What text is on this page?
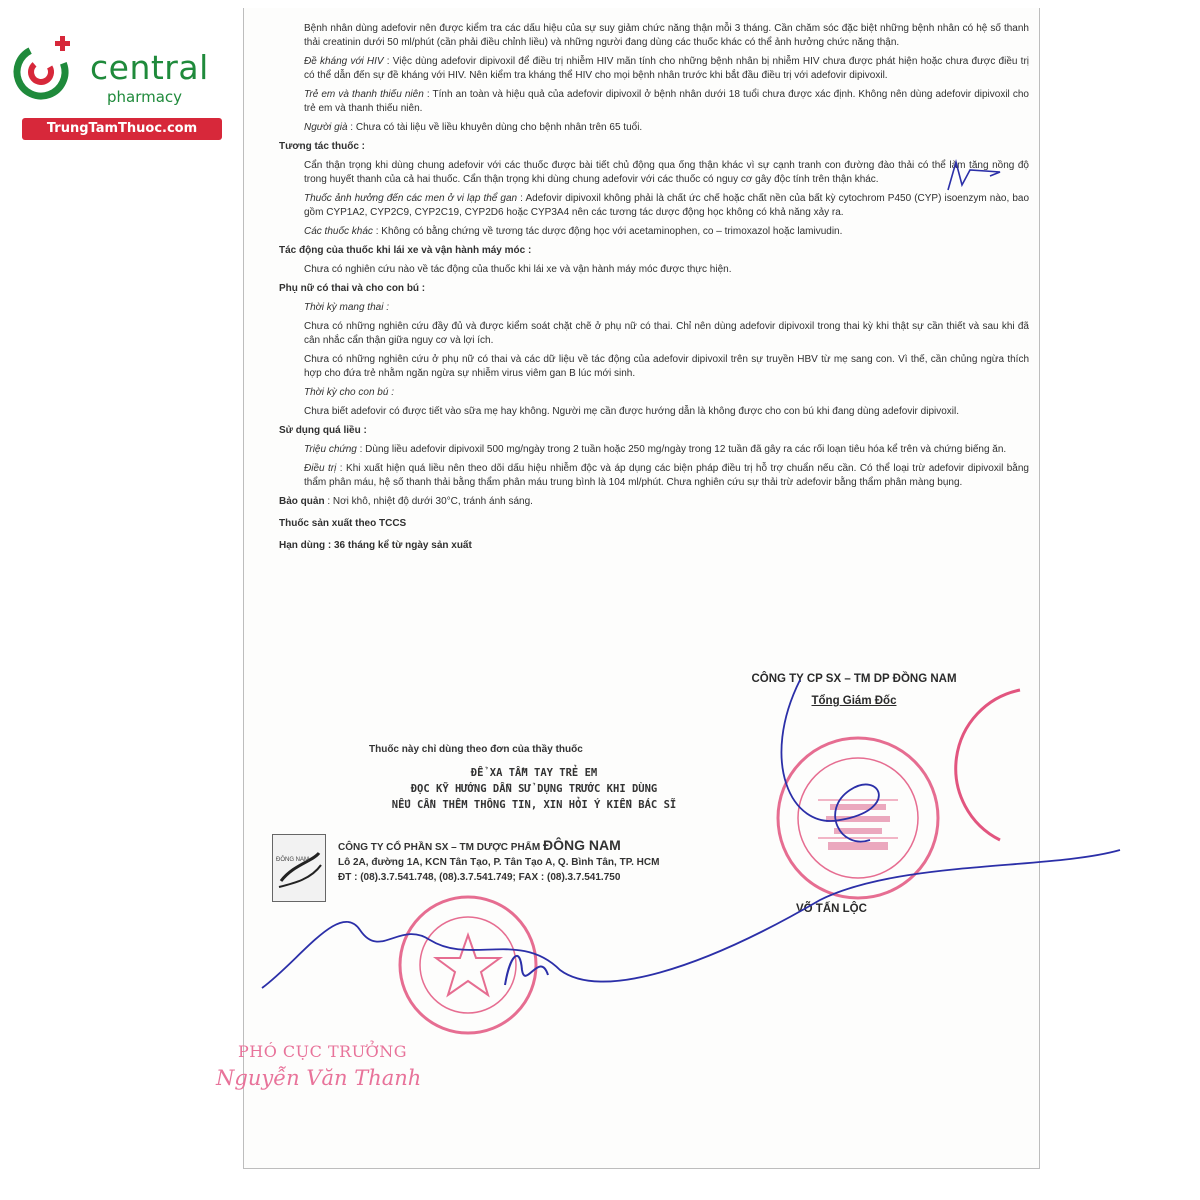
central
pharmacy
TrungTamThuoc.com

Bệnh nhân dùng adefovir nên được kiểm tra các dấu hiệu của sự suy giảm chức năng thận mỗi 3 tháng. Cần chăm sóc đặc biệt những bệnh nhân có hệ số thanh thải creatinin dưới 50 ml/phút (cần phải điều chỉnh liều) và những người đang dùng các thuốc khác có thể ảnh hưởng chức năng thận.

Đề kháng với HIV : Việc dùng adefovir dipivoxil để điều trị nhiễm HIV mãn tính cho những bệnh nhân bị nhiễm HIV chưa được phát hiện hoặc chưa được điều trị có thể dẫn đến sự đề kháng với HIV. Nên kiểm tra kháng thể HIV cho mọi bệnh nhân trước khi bắt đầu điều trị với adefovir dipivoxil.

Trẻ em và thanh thiếu niên : Tính an toàn và hiệu quả của adefovir dipivoxil ở bệnh nhân dưới 18 tuổi chưa được xác định. Không nên dùng adefovir dipivoxil cho trẻ em và thanh thiếu niên.

Người già : Chưa có tài liệu về liều khuyên dùng cho bệnh nhân trên 65 tuổi.

Tương tác thuốc :

Cẩn thận trọng khi dùng chung adefovir với các thuốc được bài tiết chủ động qua ống thận khác vì sự cạnh tranh con đường đào thải có thể làm tăng nồng độ trong huyết thanh của cả hai thuốc. Cẩn thận trọng khi dùng chung adefovir với các thuốc có nguy cơ gây độc tính trên thận khác.

Thuốc ảnh hưởng đến các men ở vi lạp thể gan : Adefovir dipivoxil không phải là chất ức chế hoặc chất nền của bất kỳ cytochrom P450 (CYP) isoenzym nào, bao gồm CYP1A2, CYP2C9, CYP2C19, CYP2D6 hoặc CYP3A4 nên các tương tác dược động học không có khả năng xảy ra.

Các thuốc khác : Không có bằng chứng về tương tác dược động học với acetaminophen, co – trimoxazol hoặc lamivudin.

Tác động của thuốc khi lái xe và vận hành máy móc :

Chưa có nghiên cứu nào về tác động của thuốc khi lái xe và vận hành máy móc được thực hiện.

Phụ nữ có thai và cho con bú :

Thời kỳ mang thai :

Chưa có những nghiên cứu đầy đủ và được kiểm soát chặt chẽ ở phụ nữ có thai. Chỉ nên dùng adefovir dipivoxil trong thai kỳ khi thật sự cần thiết và sau khi đã cân nhắc cẩn thận giữa nguy cơ và lợi ích.

Chưa có những nghiên cứu ở phụ nữ có thai và các dữ liệu về tác động của adefovir dipivoxil trên sự truyền HBV từ mẹ sang con. Vì thế, cần chủng ngừa thích hợp cho đứa trẻ nhằm ngăn ngừa sự nhiễm virus viêm gan B lúc mới sinh.

Thời kỳ cho con bú :

Chưa biết adefovir có được tiết vào sữa mẹ hay không. Người mẹ cần được hướng dẫn là không được cho con bú khi đang dùng adefovir dipivoxil.

Sử dụng quá liều :

Triệu chứng : Dùng liều adefovir dipivoxil 500 mg/ngày trong 2 tuần hoặc 250 mg/ngày trong 12 tuần đã gây ra các rối loạn tiêu hóa kể trên và chứng biếng ăn.

Điều trị : Khi xuất hiện quá liều nên theo dõi dấu hiệu nhiễm độc và áp dụng các biện pháp điều trị hỗ trợ chuẩn nếu cần. Có thể loại trừ adefovir dipivoxil bằng thẩm phân máu, hệ số thanh thải bằng thẩm phân máu trung bình là 104 ml/phút. Chưa nghiên cứu sự thải trừ adefovir bằng thẩm phân màng bụng.

Bảo quản : Nơi khô, nhiệt độ dưới 30°C, tránh ánh sáng.

Thuốc sản xuất theo TCCS

Hạn dùng : 36 tháng kể từ ngày sản xuất

CÔNG TY CP SX – TM DP ĐỒNG NAM
Tổng Giám Đốc
Thuốc này chỉ dùng theo đơn của thầy thuốc
ĐỂ XA TẦM TAY TRẺ EM
ĐỌC KỸ HƯỚNG DẪN SỬ DỤNG TRƯỚC KHI DÙNG
NẾU CẦN THÊM THÔNG TIN, XIN HỎI Ý KIẾN BÁC SĨ
ĐÔNG NAM
CÔNG TY CỔ PHẦN SX – TM DƯỢC PHẨM ĐÔNG NAM
Lô 2A, đường 1A, KCN Tân Tạo, P. Tân Tạo A, Q. Bình Tân, TP. HCM
ĐT : (08).3.7.541.748, (08).3.7.541.749; FAX : (08).3.7.541.750
VÕ TẤN LỘC
PHÓ CỤC TRƯỞNG
Nguyễn Văn Thanh
